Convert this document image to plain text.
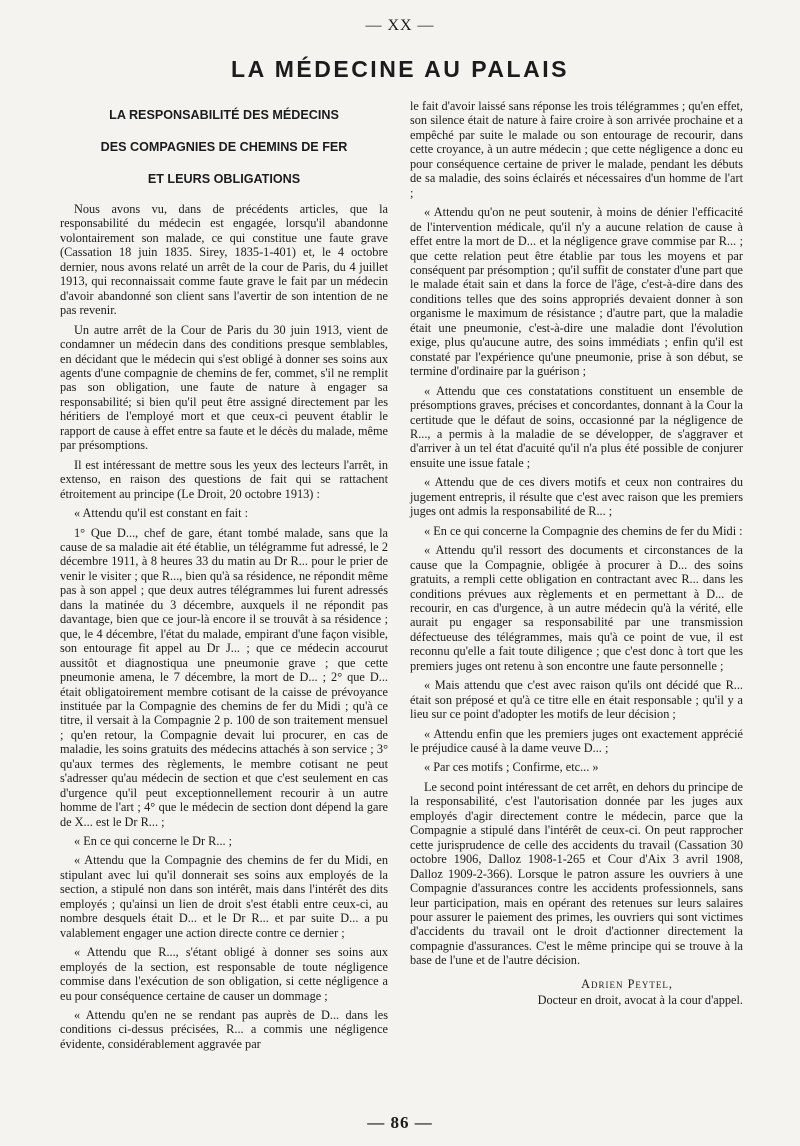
— XX —
LA MÉDECINE AU PALAIS
LA RESPONSABILITÉ DES MÉDECINS
DES COMPAGNIES DE CHEMINS DE FER
ET LEURS OBLIGATIONS

Nous avons vu, dans de précédents articles, que la responsabilité du médecin est engagée, lorsqu'il abandonne volontairement son malade, ce qui constitue une faute grave (Cassation 18 juin 1835. Sirey, 1835-1-401) et, le 4 octobre dernier, nous avons relaté un arrêt de la cour de Paris, du 4 juillet 1913, qui reconnaissait comme faute grave le fait par un médecin d'avoir abandonné son client sans l'avertir de son intention de ne pas revenir.

Un autre arrêt de la Cour de Paris du 30 juin 1913, vient de condamner un médecin dans des conditions presque semblables, en décidant que le médecin qui s'est obligé à donner ses soins aux agents d'une compagnie de chemins de fer, commet, s'il ne remplit pas son obligation, une faute de nature à engager sa responsabilité; si bien qu'il peut être assigné directement par les héritiers de l'employé mort et que ceux-ci peuvent établir le rapport de cause à effet entre sa faute et le décès du malade, même par présomptions.

Il est intéressant de mettre sous les yeux des lecteurs l'arrêt, in extenso, en raison des questions de fait qui se rattachent étroitement au principe (Le Droit, 20 octobre 1913) :

« Attendu qu'il est constant en fait :

1° Que D..., chef de gare, étant tombé malade, sans que la cause de sa maladie ait été établie, un télégramme fut adressé, le 2 décembre 1911, à 8 heures 33 du matin au Dr R... pour le prier de venir le visiter ; que R..., bien qu'à sa résidence, ne répondit même pas à son appel ; que deux autres télégrammes lui furent adressés dans la matinée du 3 décembre, auxquels il ne répondit pas davantage, bien que ce jour-là encore il se trouvât à sa résidence ; que, le 4 décembre, l'état du malade, empirant d'une façon visible, son entourage fit appel au Dr J... ; que ce médecin accourut aussitôt et diagnostiqua une pneumonie grave ; que cette pneumonie amena, le 7 décembre, la mort de D... ; 2° que D... était obligatoirement membre cotisant de la caisse de prévoyance instituée par la Compagnie des chemins de fer du Midi ; qu'à ce titre, il versait à la Compagnie 2 p. 100 de son traitement mensuel ; qu'en retour, la Compagnie devait lui procurer, en cas de maladie, les soins gratuits des médecins attachés à son service ; 3° qu'aux termes des règlements, le membre cotisant ne peut s'adresser qu'au médecin de section et que c'est seulement en cas d'urgence qu'il peut exceptionnellement recourir à un autre homme de l'art ; 4° que le médecin de section dont dépend la gare de X... est le Dr R... ;

« En ce qui concerne le Dr R... ;

« Attendu que la Compagnie des chemins de fer du Midi, en stipulant avec lui qu'il donnerait ses soins aux employés de la section, a stipulé non dans son intérêt, mais dans l'intérêt des dits employés ; qu'ainsi un lien de droit s'est établi entre ceux-ci, au nombre desquels était D... et le Dr R... et par suite D... a pu valablement engager une action directe contre ce dernier ;

« Attendu que R..., s'étant obligé à donner ses soins aux employés de la section, est responsable de toute négligence commise dans l'exécution de son obligation, si cette négligence a eu pour conséquence certaine de causer un dommage ;

« Attendu qu'en ne se rendant pas auprès de D... dans les conditions ci-dessus précisées, R... a commis une négligence évidente, considérablement aggravée par

le fait d'avoir laissé sans réponse les trois télégrammes ; qu'en effet, son silence était de nature à faire croire à son arrivée prochaine et a empêché par suite le malade ou son entourage de recourir, dans cette croyance, à un autre médecin ; que cette négligence a donc eu pour conséquence certaine de priver le malade, pendant les débuts de sa maladie, des soins éclairés et nécessaires d'un homme de l'art ;

« Attendu qu'on ne peut soutenir, à moins de dénier l'efficacité de l'intervention médicale, qu'il n'y a aucune relation de cause à effet entre la mort de D... et la négligence grave commise par R... ; que cette relation peut être établie par tous les moyens et par conséquent par présomption ; qu'il suffit de constater d'une part que le malade était sain et dans la force de l'âge, c'est-à-dire dans des conditions telles que des soins appropriés devaient donner à son organisme le maximum de résistance ; d'autre part, que la maladie était une pneumonie, c'est-à-dire une maladie dont l'évolution exige, plus qu'aucune autre, des soins immédiats ; enfin qu'il est constaté par l'expérience qu'une pneumonie, prise à son début, se termine d'ordinaire par la guérison ;

« Attendu que ces constatations constituent un ensemble de présomptions graves, précises et concordantes, donnant à la Cour la certitude que le défaut de soins, occasionné par la négligence de R..., a permis à la maladie de se développer, de s'aggraver et d'arriver à un tel état d'acuité qu'il n'a plus été possible de conjurer ensuite une issue fatale ;

« Attendu que de ces divers motifs et ceux non contraires du jugement entrepris, il résulte que c'est avec raison que les premiers juges ont admis la responsabilité de R... ;

« En ce qui concerne la Compagnie des chemins de fer du Midi :

« Attendu qu'il ressort des documents et circonstances de la cause que la Compagnie, obligée à procurer à D... des soins gratuits, a rempli cette obligation en contractant avec R... dans les conditions prévues aux règlements et en permettant à D... de recourir, en cas d'urgence, à un autre médecin qu'à la vérité, elle aurait pu engager sa responsabilité par une transmission défectueuse des télégrammes, mais qu'à ce point de vue, il est reconnu qu'elle a fait toute diligence ; que c'est donc à tort que les premiers juges ont retenu à son encontre une faute personnelle ;

« Mais attendu que c'est avec raison qu'ils ont décidé que R... était son préposé et qu'à ce titre elle en était responsable ; qu'il y a lieu sur ce point d'adopter les motifs de leur décision ;

« Attendu enfin que les premiers juges ont exactement apprécié le préjudice causé à la dame veuve D... ;

« Par ces motifs ; Confirme, etc... »

Le second point intéressant de cet arrêt, en dehors du principe de la responsabilité, c'est l'autorisation donnée par les juges aux employés d'agir directement contre le médecin, parce que la Compagnie a stipulé dans l'intérêt de ceux-ci. On peut rapprocher cette jurisprudence de celle des accidents du travail (Cassation 30 octobre 1906, Dalloz 1908-1-265 et Cour d'Aix 3 avril 1908, Dalloz 1909-2-366). Lorsque le patron assure les ouvriers à une Compagnie d'assurances contre les accidents professionnels, sans leur participation, mais en opérant des retenues sur leurs salaires pour assurer le paiement des primes, les ouvriers qui sont victimes d'accidents du travail ont le droit d'actionner directement la compagnie d'assurances. C'est le même principe qui se trouve à la base de l'une et de l'autre décision.

Adrien Peytel,
Docteur en droit, avocat à la cour d'appel.
— 86 —
